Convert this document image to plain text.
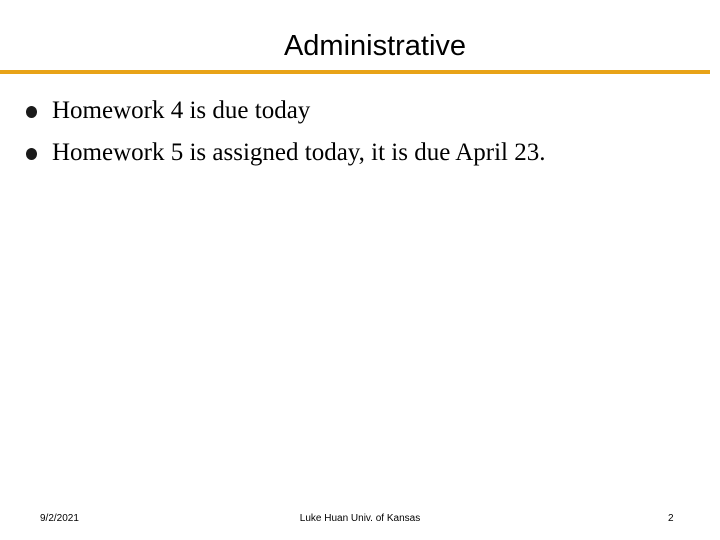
Administrative
Homework 4 is due today
Homework 5 is assigned today, it is due April 23.
9/2/2021	Luke Huan Univ. of Kansas	2
